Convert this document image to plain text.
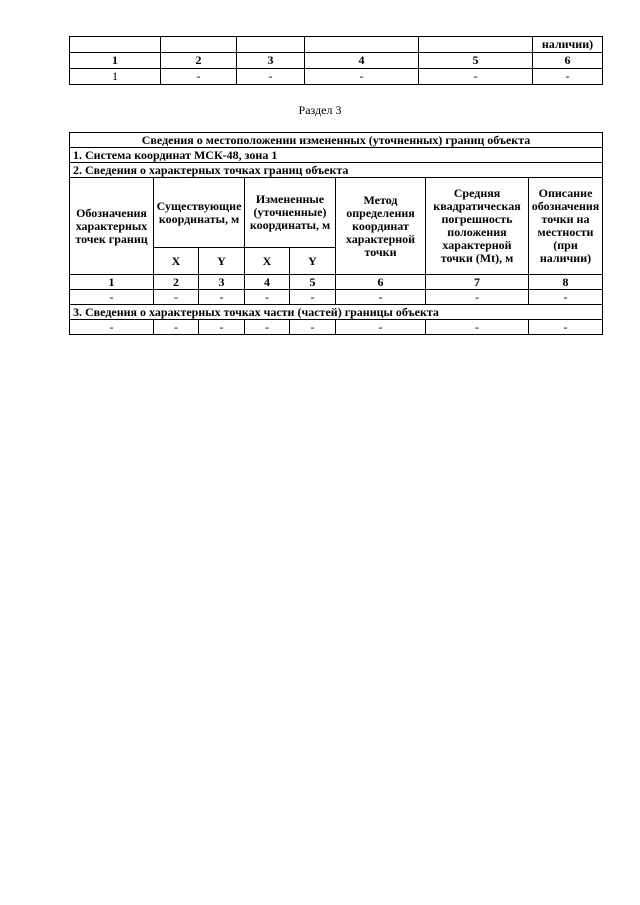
					наличии)
1	2	3	4	5	6
1	-	-	-	-	-
Раздел 3
Сведения о местоположении измененных (уточненных) границ объекта							
1. Система координат МСК-48, зона 1							
2. Сведения о характерных точках границ объекта							
Обозначения характерных точек границ	Существующие координаты, м		Измененные (уточненные) координаты, м		Метод определения координат характерной точки	Средняя квадратическая погрешность положения характерной точки (Mt), м	Описание обозначения точки на местности (при наличии)
	X	Y	X	Y			
1	2	3	4	5	6	7	8
-	-	-	-	-	-	-	-
3. Сведения о характерных точках части (частей) границы объекта							
-	-	-	-	-	-	-	-
